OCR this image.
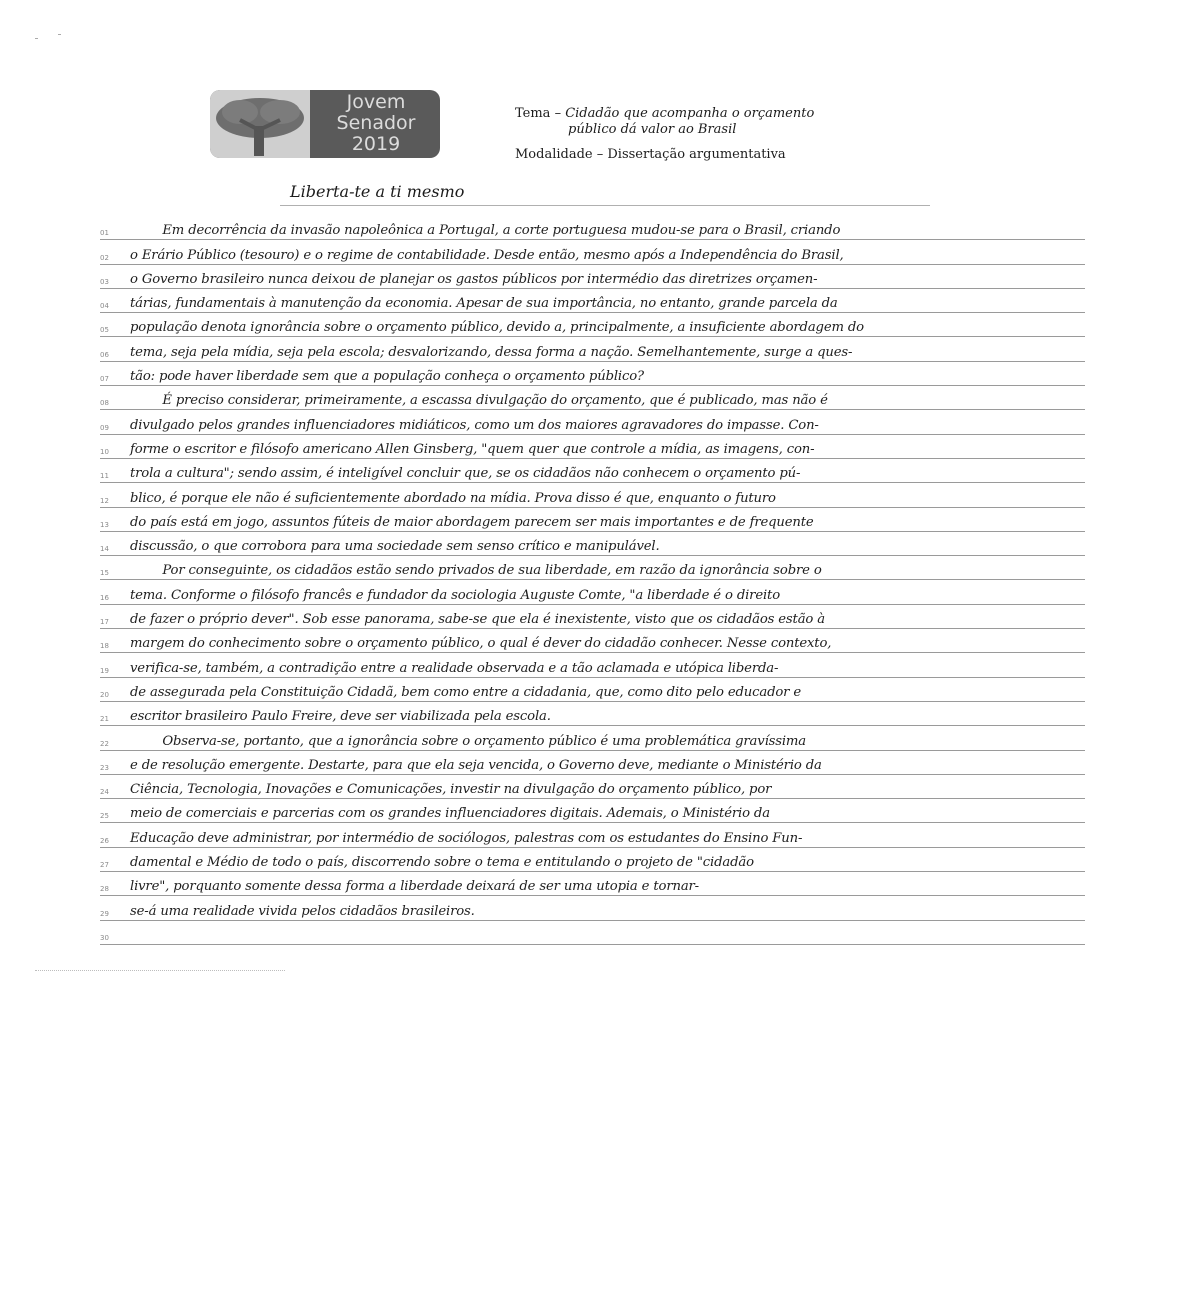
Jovem
Senador
2019
Tema – Cidadão que acompanha o orçamento
público dá valor ao Brasil
Modalidade – Dissertação argumentativa
Liberta-te a ti mesmo
01	Em decorrência da invasão napoleônica a Portugal, a corte portuguesa mudou-se para o Brasil, criando
02	o Erário Público (tesouro) e o regime de contabilidade. Desde então, mesmo após a Independência do Brasil,
03	o Governo brasileiro nunca deixou de planejar os gastos públicos por intermédio das diretrizes orçamen-
04	tárias, fundamentais à manutenção da economia. Apesar de sua importância, no entanto, grande parcela da
05	população denota ignorância sobre o orçamento público, devido a, principalmente, a insuficiente abordagem do
06	tema, seja pela mídia, seja pela escola; desvalorizando, dessa forma a nação. Semelhantemente, surge a ques-
07	tão: pode haver liberdade sem que a população conheça o orçamento público?
08	É preciso considerar, primeiramente, a escassa divulgação do orçamento, que é publicado, mas não é
09	divulgado pelos grandes influenciadores midiáticos, como um dos maiores agravadores do impasse. Con-
10	forme o escritor e filósofo americano Allen Ginsberg, "quem quer que controle a mídia, as imagens, con-
11	trola a cultura"; sendo assim, é inteligível concluir que, se os cidadãos não conhecem o orçamento pú-
12	blico, é porque ele não é suficientemente abordado na mídia. Prova disso é que, enquanto o futuro
13	do país está em jogo, assuntos fúteis de maior abordagem parecem ser mais importantes e de frequente
14	discussão, o que corrobora para uma sociedade sem senso crítico e manipulável.
15	Por conseguinte, os cidadãos estão sendo privados de sua liberdade, em razão da ignorância sobre o
16	tema. Conforme o filósofo francês e fundador da sociologia Auguste Comte, "a liberdade é o direito
17	de fazer o próprio dever". Sob esse panorama, sabe-se que ela é inexistente, visto que os cidadãos estão à
18	margem do conhecimento sobre o orçamento público, o qual é dever do cidadão conhecer. Nesse contexto,
19	verifica-se, também, a contradição entre a realidade observada e a tão aclamada e utópica liberda-
20	de assegurada pela Constituição Cidadã, bem como entre a cidadania, que, como dito pelo educador e
21	escritor brasileiro Paulo Freire, deve ser viabilizada pela escola.
22	Observa-se, portanto, que a ignorância sobre o orçamento público é uma problemática gravíssima
23	e de resolução emergente. Destarte, para que ela seja vencida, o Governo deve, mediante o Ministério da
24	Ciência, Tecnologia, Inovações e Comunicações, investir na divulgação do orçamento público, por
25	meio de comerciais e parcerias com os grandes influenciadores digitais. Ademais, o Ministério da
26	Educação deve administrar, por intermédio de sociólogos, palestras com os estudantes do Ensino Fun-
27	damental e Médio de todo o país, discorrendo sobre o tema e entitulando o projeto de "cidadão
28	livre", porquanto somente dessa forma a liberdade deixará de ser uma utopia e tornar-
29	se-á uma realidade vivida pelos cidadãos brasileiros.
30
